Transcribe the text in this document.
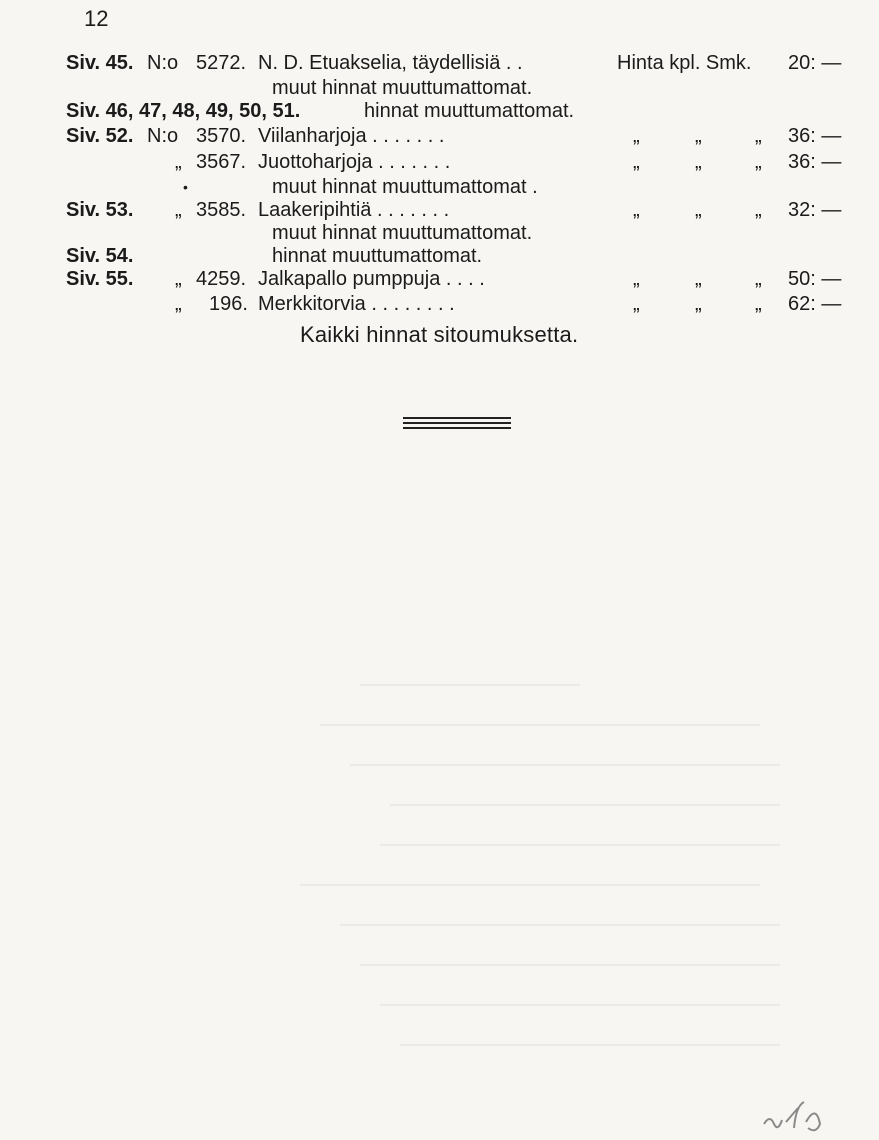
12
Siv. 45. N:o 5272. N. D. Etuakselia, täydellisiä . .	Hinta kpl. Smk. 20: —
muut hinnat muuttumattomat.
Siv. 46, 47, 48, 49, 50, 51.	hinnat muuttumattomat.
Siv. 52. N:o 3570. Viilanharjoja . . . . . . .	„	„	„ 36: —
„ 3567. Juottoharjoja . . . . . . .	„	„	„ 36: —
•	muut hinnat muuttumattomat .
Siv. 53. „ 3585. Laakeripihtiä . . . . . . .	„	„	„ 32: —
muut hinnat muuttumattomat.
Siv. 54.	hinnat muuttumattomat.
Siv. 55. „ 4259. Jalkapallo pumppuja . . . .	„	„	„ 50: —
„ 196. Merkkitorvia . . . . . . . .	„	„	„ 62: —
Kaikki hinnat sitoumuksetta.
